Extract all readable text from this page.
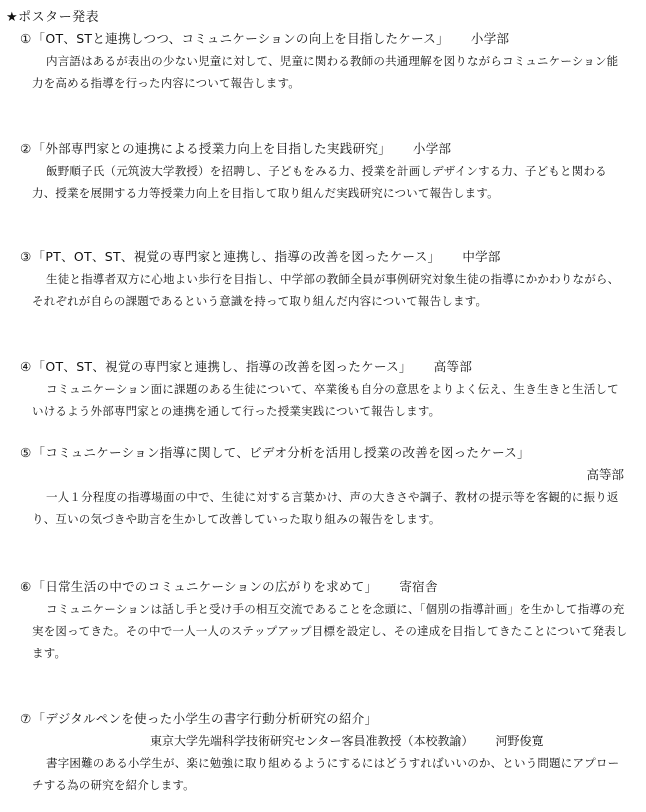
★ポスター発表
①「OT、STと連携しつつ、コミュニケーションの向上を目指したケース」 小学部
内言語はあるが表出の少ない児童に対して、児童に関わる教師の共通理解を図りながらコミュニケーション能力を高める指導を行った内容について報告します。
②「外部専門家との連携による授業力向上を目指した実践研究」 小学部
飯野順子氏（元筑波大学教授）を招聘し、子どもをみる力、授業を計画しデザインする力、子どもと関わる力、授業を展開する力等授業力向上を目指して取り組んだ実践研究について報告します。
③「PT、OT、ST、視覚の専門家と連携し、指導の改善を図ったケース」 中学部
生徒と指導者双方に心地よい歩行を目指し、中学部の教師全員が事例研究対象生徒の指導にかかわりながら、それぞれが自らの課題であるという意識を持って取り組んだ内容について報告します。
④「OT、ST、視覚の専門家と連携し、指導の改善を図ったケース」 高等部
コミュニケーション面に課題のある生徒について、卒業後も自分の意思をよりよく伝え、生き生きと生活していけるよう外部専門家との連携を通して行った授業実践について報告します。
⑤「コミュニケーション指導に関して、ビデオ分析を活用し授業の改善を図ったケース」
高等部
一人１分程度の指導場面の中で、生徒に対する言葉かけ、声の大きさや調子、教材の提示等を客観的に振り返り、互いの気づきや助言を生かして改善していった取り組みの報告をします。
⑥「日常生活の中でのコミュニケーションの広がりを求めて」 寄宿舎
コミュニケーションは話し手と受け手の相互交流であることを念頭に、「個別の指導計画」を生かして指導の充実を図ってきた。その中で一人一人のステップアップ目標を設定し、その達成を目指してきたことについて発表します。
⑦「デジタルペンを使った小学生の書字行動分析研究の紹介」
東京大学先端科学技術研究センター客員准教授（本校教諭） 河野俊寛
書字困難のある小学生が、楽に勉強に取り組めるようにするにはどうすればいいのか、という問題にアプローチする為の研究を紹介します。
